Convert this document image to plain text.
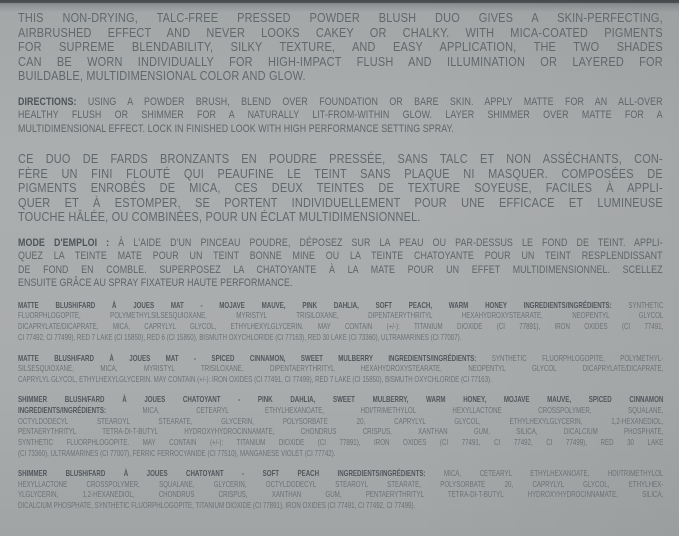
THIS NON-DRYING, TALC-FREE PRESSED POWDER BLUSH DUO GIVES A SKIN-PERFECTING,
AIRBRUSHED EFFECT AND NEVER LOOKS CAKEY OR CHALKY. WITH MICA-COATED PIGMENTS
FOR SUPREME BLENDABILITY, SILKY TEXTURE, AND EASY APPLICATION, THE TWO SHADES
CAN BE WORN INDIVIDUALLY FOR HIGH-IMPACT FLUSH AND ILLUMINATION OR LAYERED FOR
BUILDABLE, MULTIDIMENSIONAL COLOR AND GLOW.
DIRECTIONS: USING A POWDER BRUSH, BLEND OVER FOUNDATION OR BARE SKIN. APPLY MATTE FOR AN ALL-OVER
HEALTHY FLUSH OR SHIMMER FOR A NATURALLY LIT-FROM-WITHIN GLOW. LAYER SHIMMER OVER MATTE FOR A
MULTIDIMENSIONAL EFFECT. LOCK IN FINISHED LOOK WITH HIGH PERFORMANCE SETTING SPRAY.
CE DUO DE FARDS BRONZANTS EN POUDRE PRESSÉE, SANS TALC ET NON ASSÉCHANTS, CON-
FÈRE UN FINI FLOUTÉ QUI PEAUFINE LE TEINT SANS PLAQUE NI MASQUER. COMPOSÉES DE
PIGMENTS ENROBÉS DE MICA, CES DEUX TEINTES DE TEXTURE SOYEUSE, FACILES À APPLI-
QUER ET À ESTOMPER, SE PORTENT INDIVIDUELLEMENT POUR UNE EFFICACE ET LUMINEUSE
TOUCHE HÂLÉE, OU COMBINÉES, POUR UN ÉCLAT MULTIDIMENSIONNEL.
MODE D'EMPLOI : À L'AIDE D'UN PINCEAU POUDRE, DÉPOSEZ SUR LA PEAU OU PAR-DESSUS LE FOND DE TEINT. APPLI-
QUEZ LA TEINTE MATE POUR UN TEINT BONNE MINE OU LA TEINTE CHATOYANTE POUR UN TEINT RESPLENDISSANT
DE FOND EN COMBLE. SUPERPOSEZ LA CHATOYANTE À LA MATE POUR UN EFFET MULTIDIMENSIONNEL. SCELLEZ
ENSUITE GRÂCE AU SPRAY FIXATEUR HAUTE PERFORMANCE.
MATTE BLUSH/FARD À JOUES MAT - MOJAVE MAUVE, PINK DAHLIA, SOFT PEACH, WARM HONEY INGREDIENTS/INGRÉDIENTS: SYNTHETIC
FLUORPHLOGOPITE, POLYMETHYLSILSESQUIOXANE, MYRISTYL TRISILOXANE, DIPENTAERYTHRITYL HEXAHYDROXYSTEARATE, NEOPENTYL GLYCOL
DICAPRYLATE/DICAPRATE, MICA, CAPRYLYL GLYCOL, ETHYLHEXYLGLYCERIN. MAY CONTAIN (+/-): TITANIUM DIOXIDE (CI 77891), IRON OXIDES (CI 77491,
CI 77492, CI 77499), RED 7 LAKE (CI 15850), RED 6 (CI 15850), BISMUTH OXYCHLORIDE (CI 77163), RED 30 LAKE (CI 73360), ULTRAMARINES (CI 77007).
MATTE BLUSH/FARD À JOUES MAT - SPICED CINNAMON, SWEET MULBERRY INGREDIENTS/INGRÉDIENTS: SYNTHETIC FLUORPHLOGOPITE, POLYMETHYL-
SILSESQUIOXANE, MICA, MYRISTYL TRISILOXANE, DIPENTAERYTHRITYL HEXAHYDROXYSTEARATE, NEOPENTYL GLYCOL DICAPRYLATE/DICAPRATE,
CAPRYLYL GLYCOL, ETHYLHEXYLGLYCERIN. MAY CONTAIN (+/-): IRON OXIDES (CI 77491, CI 77499), RED 7 LAKE (CI 15850), BISMUTH OXYCHLORIDE (CI 77163).
SHIMMER BLUSH/FARD À JOUES CHATOYANT - PINK DAHLIA, SWEET MULBERRY, WARM HONEY, MOJAVE MAUVE, SPICED CINNAMON
INGREDIENTS/INGRÉDIENTS: MICA, CETEARYL ETHYLHEXANOATE, HDI/TRIMETHYLOL HEXYLLACTONE CROSSPOLYMER, SQUALANE,
OCTYLDODECYL STEAROYL STEARATE, GLYCERIN, POLYSORBATE 20, CAPRYLYL GLYCOL, ETHYLHEXYLGLYCERIN, 1,2-HEXANEDIOL,
PENTAERYTHRITYL TETRA-DI-T-BUTYL HYDROXYHYDROCINNAMATE, CHONDRUS CRISPUS, XANTHAN GUM, SILICA, DICALCIUM PHOSPHATE,
SYNTHETIC FLUORPHLOGOPITE. MAY CONTAIN (+/-): TITANIUM DIOXIDE (CI 77891), IRON OXIDES (CI 77491, CI 77492, CI 77499), RED 30 LAKE
(CI 73360), ULTRAMARINES (CI 77007), FERRIC FERROCYANIDE (CI 77510), MANGANESE VIOLET (CI 77742).
SHIMMER BLUSH/FARD À JOUES CHATOYANT - SOFT PEACH INGREDIENTS/INGRÉDIENTS: MICA, CETEARYL ETHYLHEXANOATE, HDI/TRIMETHYLOL
HEXYLLACTONE CROSSPOLYMER, SQUALANE, GLYCERIN, OCTYLDODECYL STEAROYL STEARATE, POLYSORBATE 20, CAPRYLYL GLYCOL, ETHYLHEX-
YLGLYCERIN, 1,2-HEXANEDIOL, CHONDRUS CRISPUS, XANTHAN GUM, PENTAERYTHRITYL TETRA-DI-T-BUTYL HYDROXYHYDROCINNAMATE, SILICA,
DICALCIUM PHOSPHATE, SYNTHETIC FLUORPHLOGOPITE, TITANIUM DIOXIDE (CI 77891), IRON OXIDES (CI 77491, CI 77492, CI 77499).
